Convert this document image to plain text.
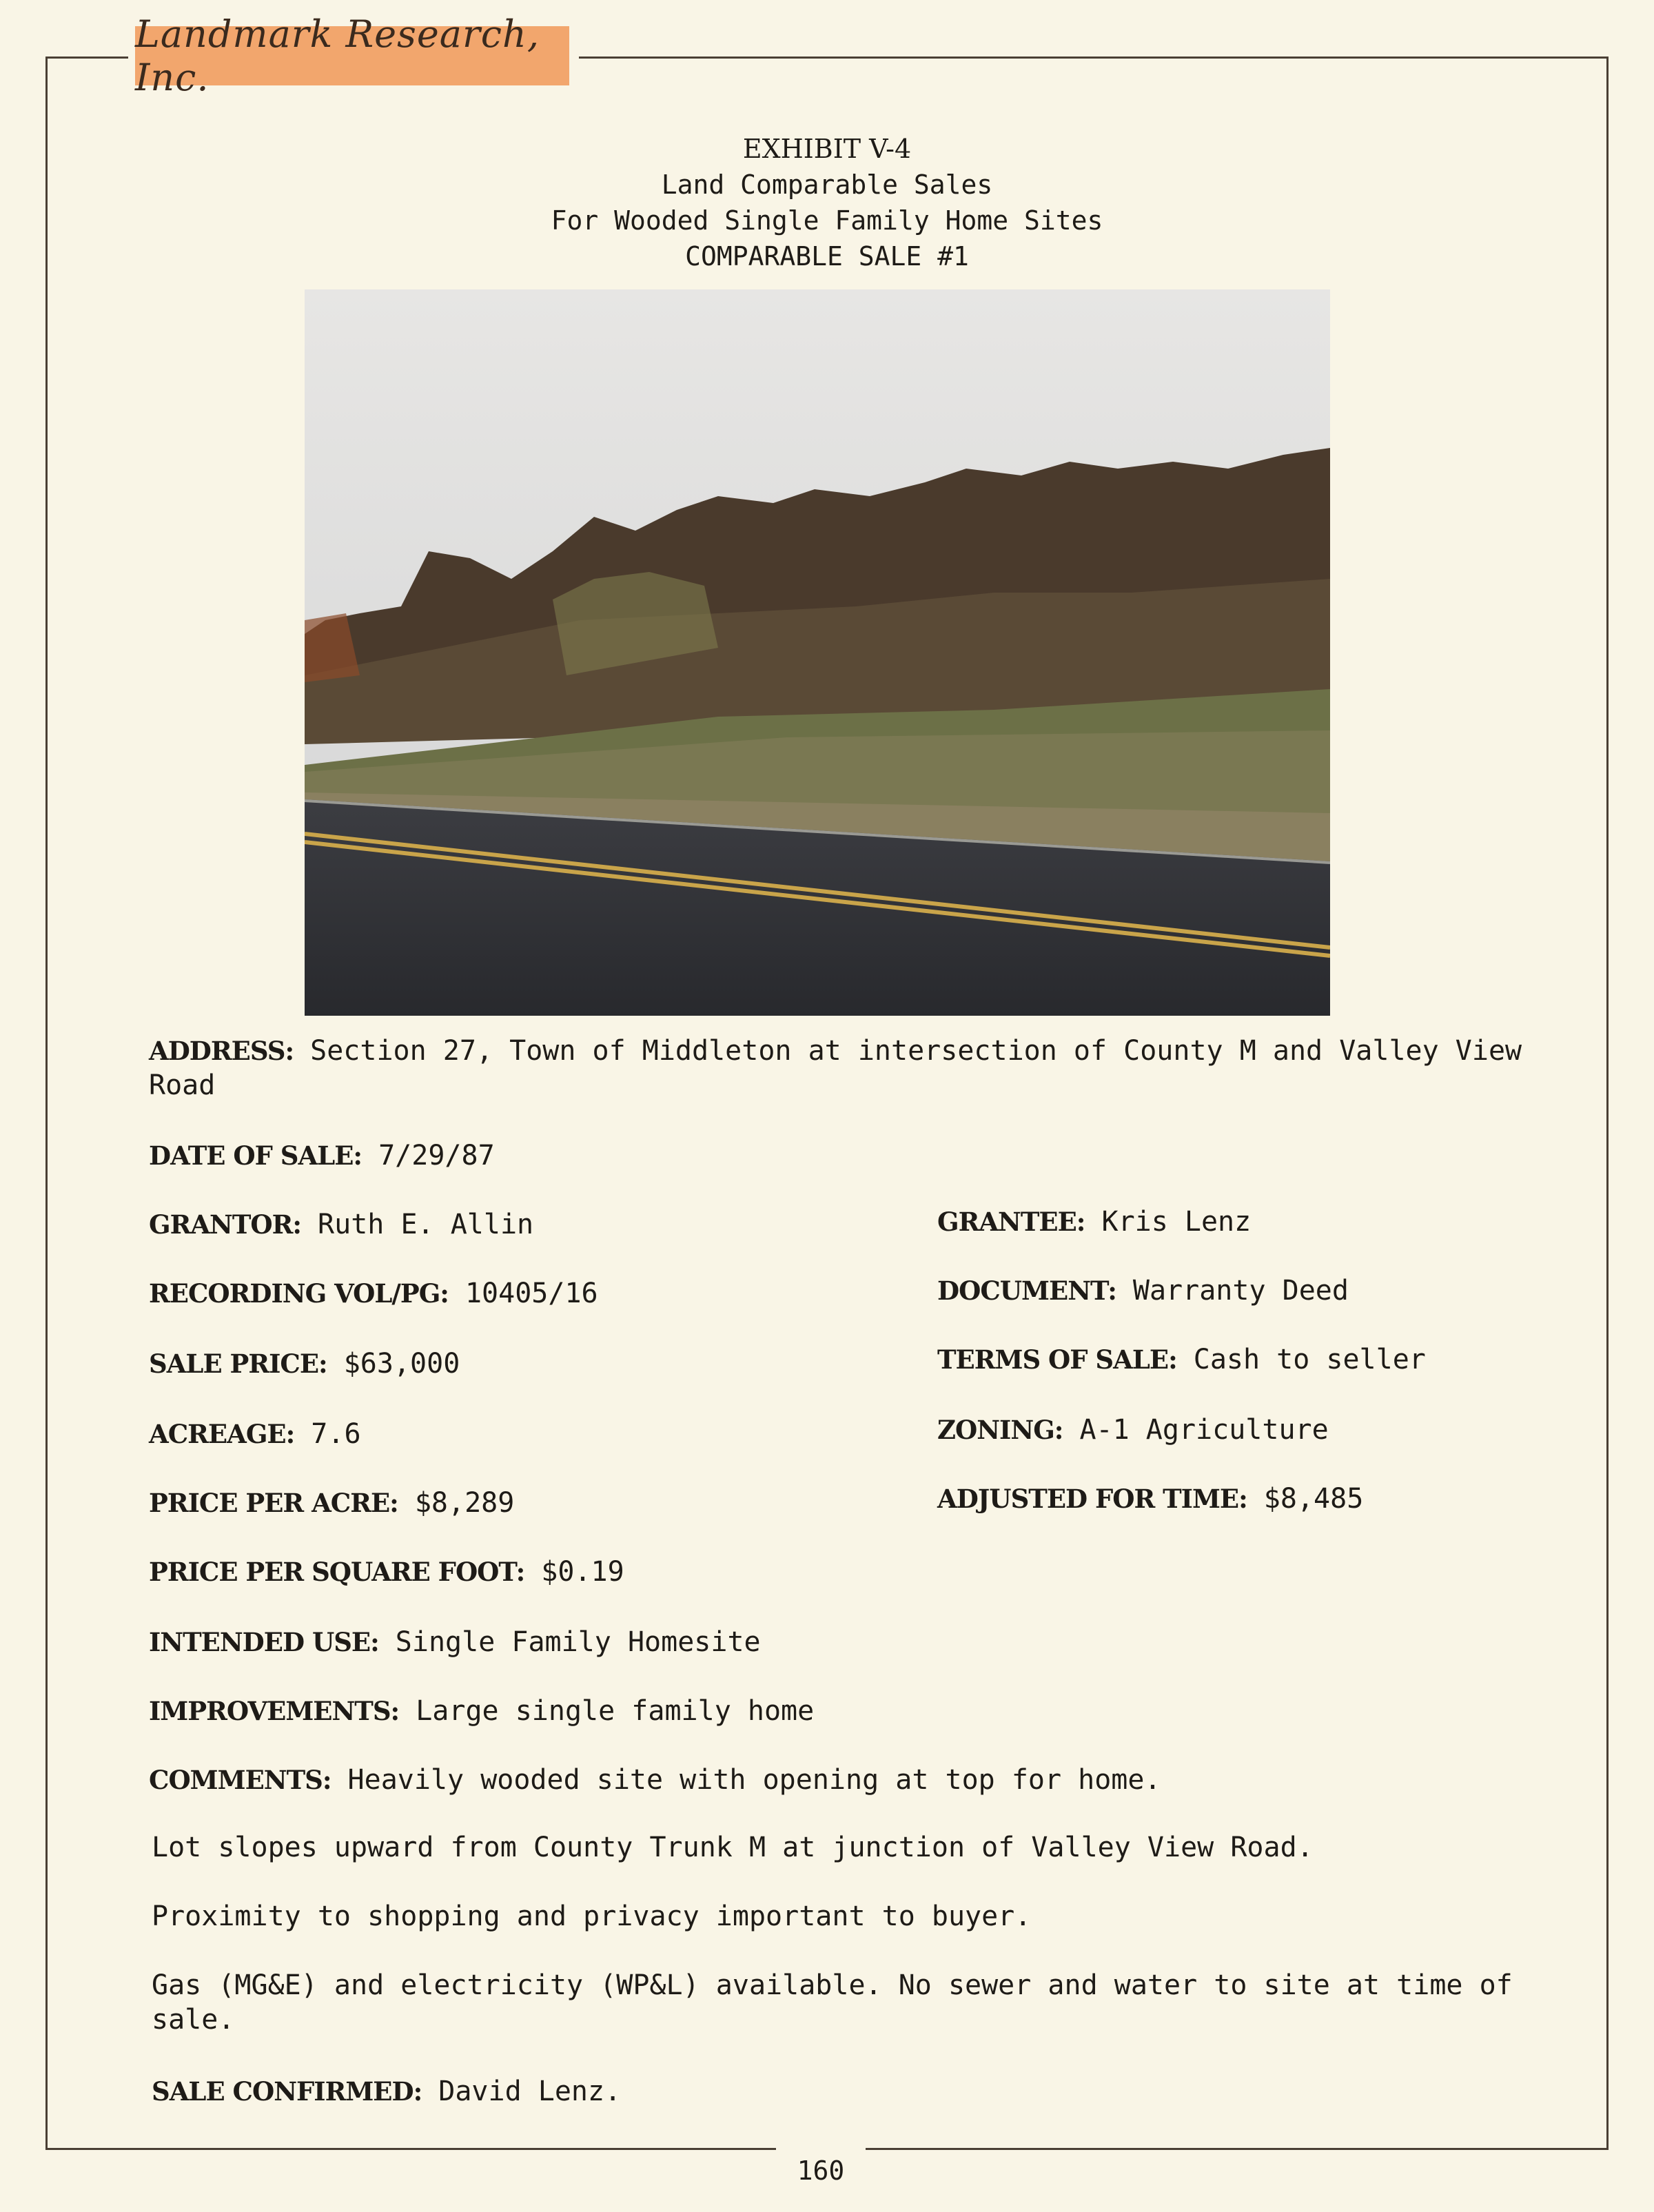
Landmark Research, Inc.
EXHIBIT V-4
Land Comparable Sales
For Wooded Single Family Home Sites
COMPARABLE SALE #1
ADDRESS: Section 27, Town of Middleton at intersection of County M and Valley View Road
DATE OF SALE: 7/29/87
GRANTOR: Ruth E. Allin	GRANTEE: Kris Lenz
RECORDING VOL/PG: 10405/16	DOCUMENT: Warranty Deed
SALE PRICE: $63,000	TERMS OF SALE: Cash to seller
ACREAGE: 7.6	ZONING: A-1 Agriculture
PRICE PER ACRE: $8,289	ADJUSTED FOR TIME: $8,485
PRICE PER SQUARE FOOT: $0.19
INTENDED USE: Single Family Homesite
IMPROVEMENTS: Large single family home
COMMENTS: Heavily wooded site with opening at top for home.
Lot slopes upward from County Trunk M at junction of Valley View Road.
Proximity to shopping and privacy important to buyer.
Gas (MG&E) and electricity (WP&L) available. No sewer and water to site at time of sale.
SALE CONFIRMED: David Lenz.
160
